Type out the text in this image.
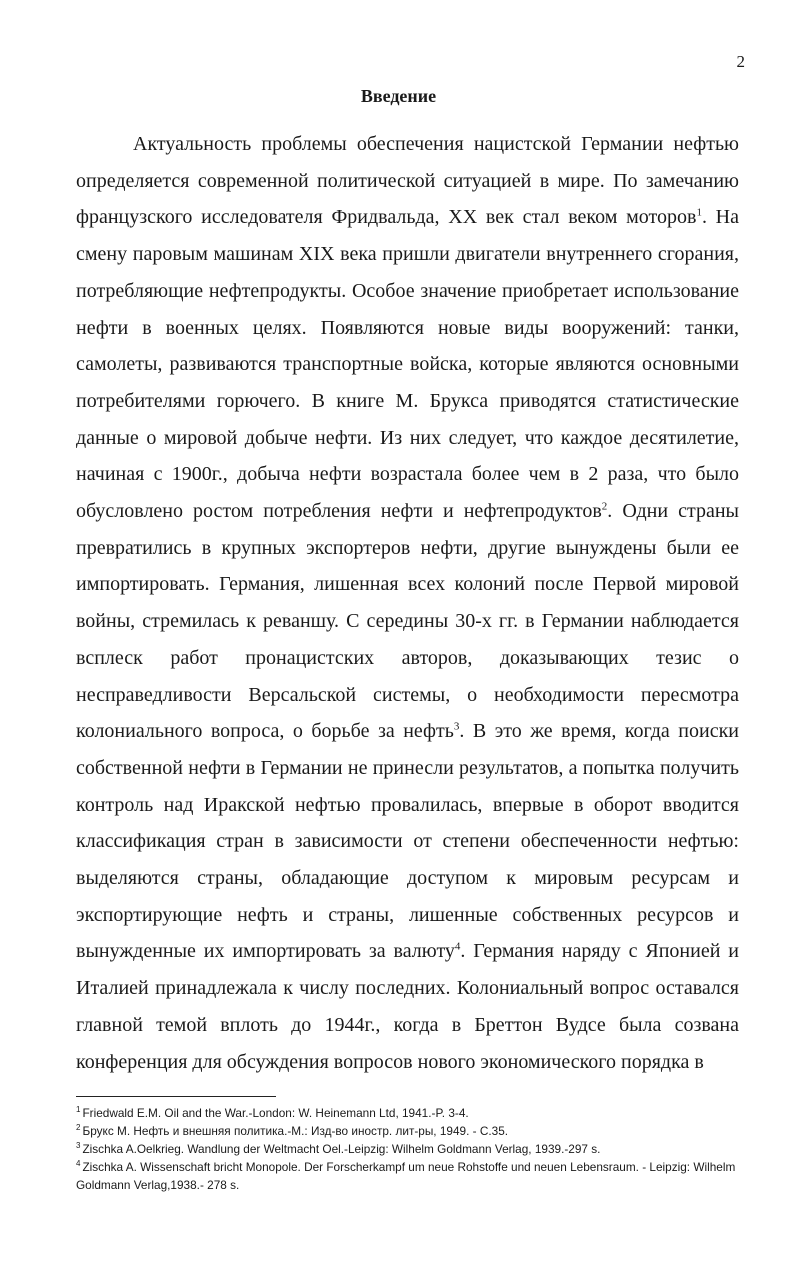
2
Введение

Актуальность проблемы обеспечения нацистской Германии нефтью определяется современной политической ситуацией в мире. По замечанию французского исследователя Фридвальда, XX век стал веком моторов$^1$. На смену паровым машинам XIX века пришли двигатели внутреннего сгорания, потребляющие нефтепродукты. Особое значение приобретает использование нефти в военных целях. Появляются новые виды вооружений: танки, самолеты, развиваются транспортные войска, которые являются основными потребителями горючего. В книге М. Брукса приводятся статистические данные о мировой добыче нефти. Из них следует, что каждое десятилетие, начиная с 1900г., добыча нефти возрастала более чем в 2 раза, что было обусловлено ростом потребления нефти и нефтепродуктов$^2$. Одни страны превратились в крупных экспортеров нефти, другие вынуждены были ее импортировать. Германия, лишенная всех колоний после Первой мировой войны, стремилась к реваншу. С середины 30-х гг. в Германии наблюдается всплеск работ пронацистских авторов, доказывающих тезис о несправедливости Версальской системы, о необходимости пересмотра колониального вопроса, о борьбе за нефть$^3$. В это же время, когда поиски собственной нефти в Германии не принесли результатов, а попытка получить контроль над Иракской нефтью провалилась, впервые в оборот вводится классификация стран в зависимости от степени обеспеченности нефтью: выделяются страны, обладающие доступом к мировым ресурсам и экспортирующие нефть и страны, лишенные собственных ресурсов и вынужденные их импортировать за валюту$^4$. Германия наряду с Японией и Италией принадлежала к числу последних. Колониальный вопрос оставался главной темой вплоть до 1944г., когда в Бреттон Вудсе была созвана конференция для обсуждения вопросов нового экономического порядка в

$^1$ Friedwald E.M. Oil and the War.-London: W. Heinemann Ltd, 1941.-P. 3-4.
$^2$ Брукс М. Нефть и внешняя политика.-М.: Изд-во иностр. лит-ры, 1949. - С.35.
$^3$ Zischka A.Oelkrieg. Wandlung der Weltmacht Oel.-Leipzig: Wilhelm Goldmann Verlag, 1939.-297 s.
$^4$ Zischka A. Wissenschaft bricht Monopole. Der Forscherkampf um neue Rohstoffe und neuen Lebensraum. - Leipzig: Wilhelm Goldmann Verlag,1938.- 278 s.
